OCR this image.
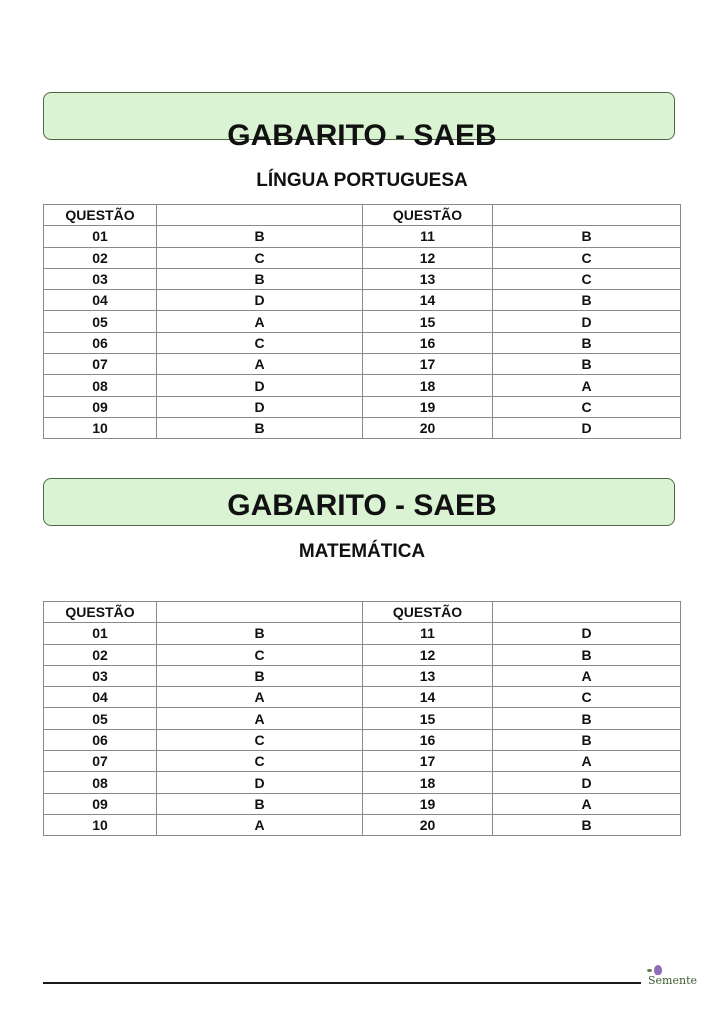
GABARITO - SAEB
LÍNGUA PORTUGUESA
QUESTÃO		QUESTÃO	
01	B	11	B
02	C	12	C
03	B	13	C
04	D	14	B
05	A	15	D
06	C	16	B
07	A	17	B
08	D	18	A
09	D	19	C
10	B	20	D
GABARITO - SAEB
MATEMÁTICA
QUESTÃO		QUESTÃO	
01	B	11	D
02	C	12	B
03	B	13	A
04	A	14	C
05	A	15	B
06	C	16	B
07	C	17	A
08	D	18	D
09	B	19	A
10	A	20	B
Semente
